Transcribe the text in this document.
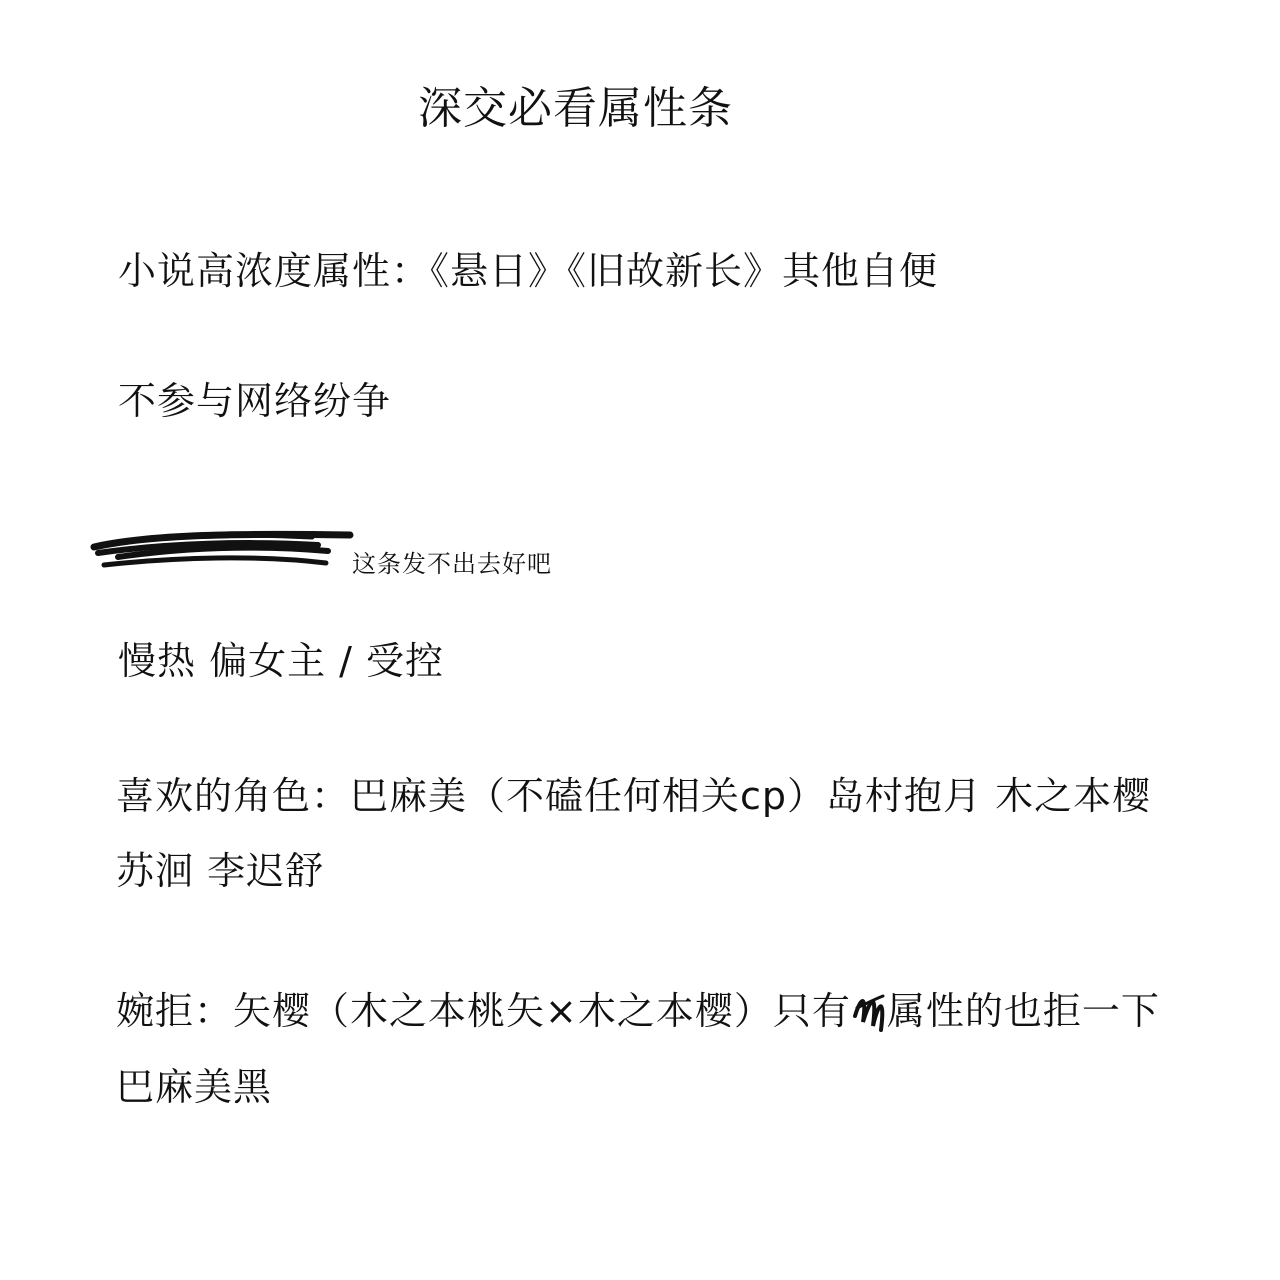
深交必看属性条
小说高浓度属性：《悬日》《旧故新长》其他自便
不参与网络纷争
这条发不出去好吧
慢热 偏女主 / 受控
喜欢的角色：巴麻美（不磕任何相关cp）岛村抱月 木之本樱
苏洄 李迟舒
婉拒：矢樱（木之本桃矢×木之本樱）只有 属性的也拒一下
巴麻美黑
